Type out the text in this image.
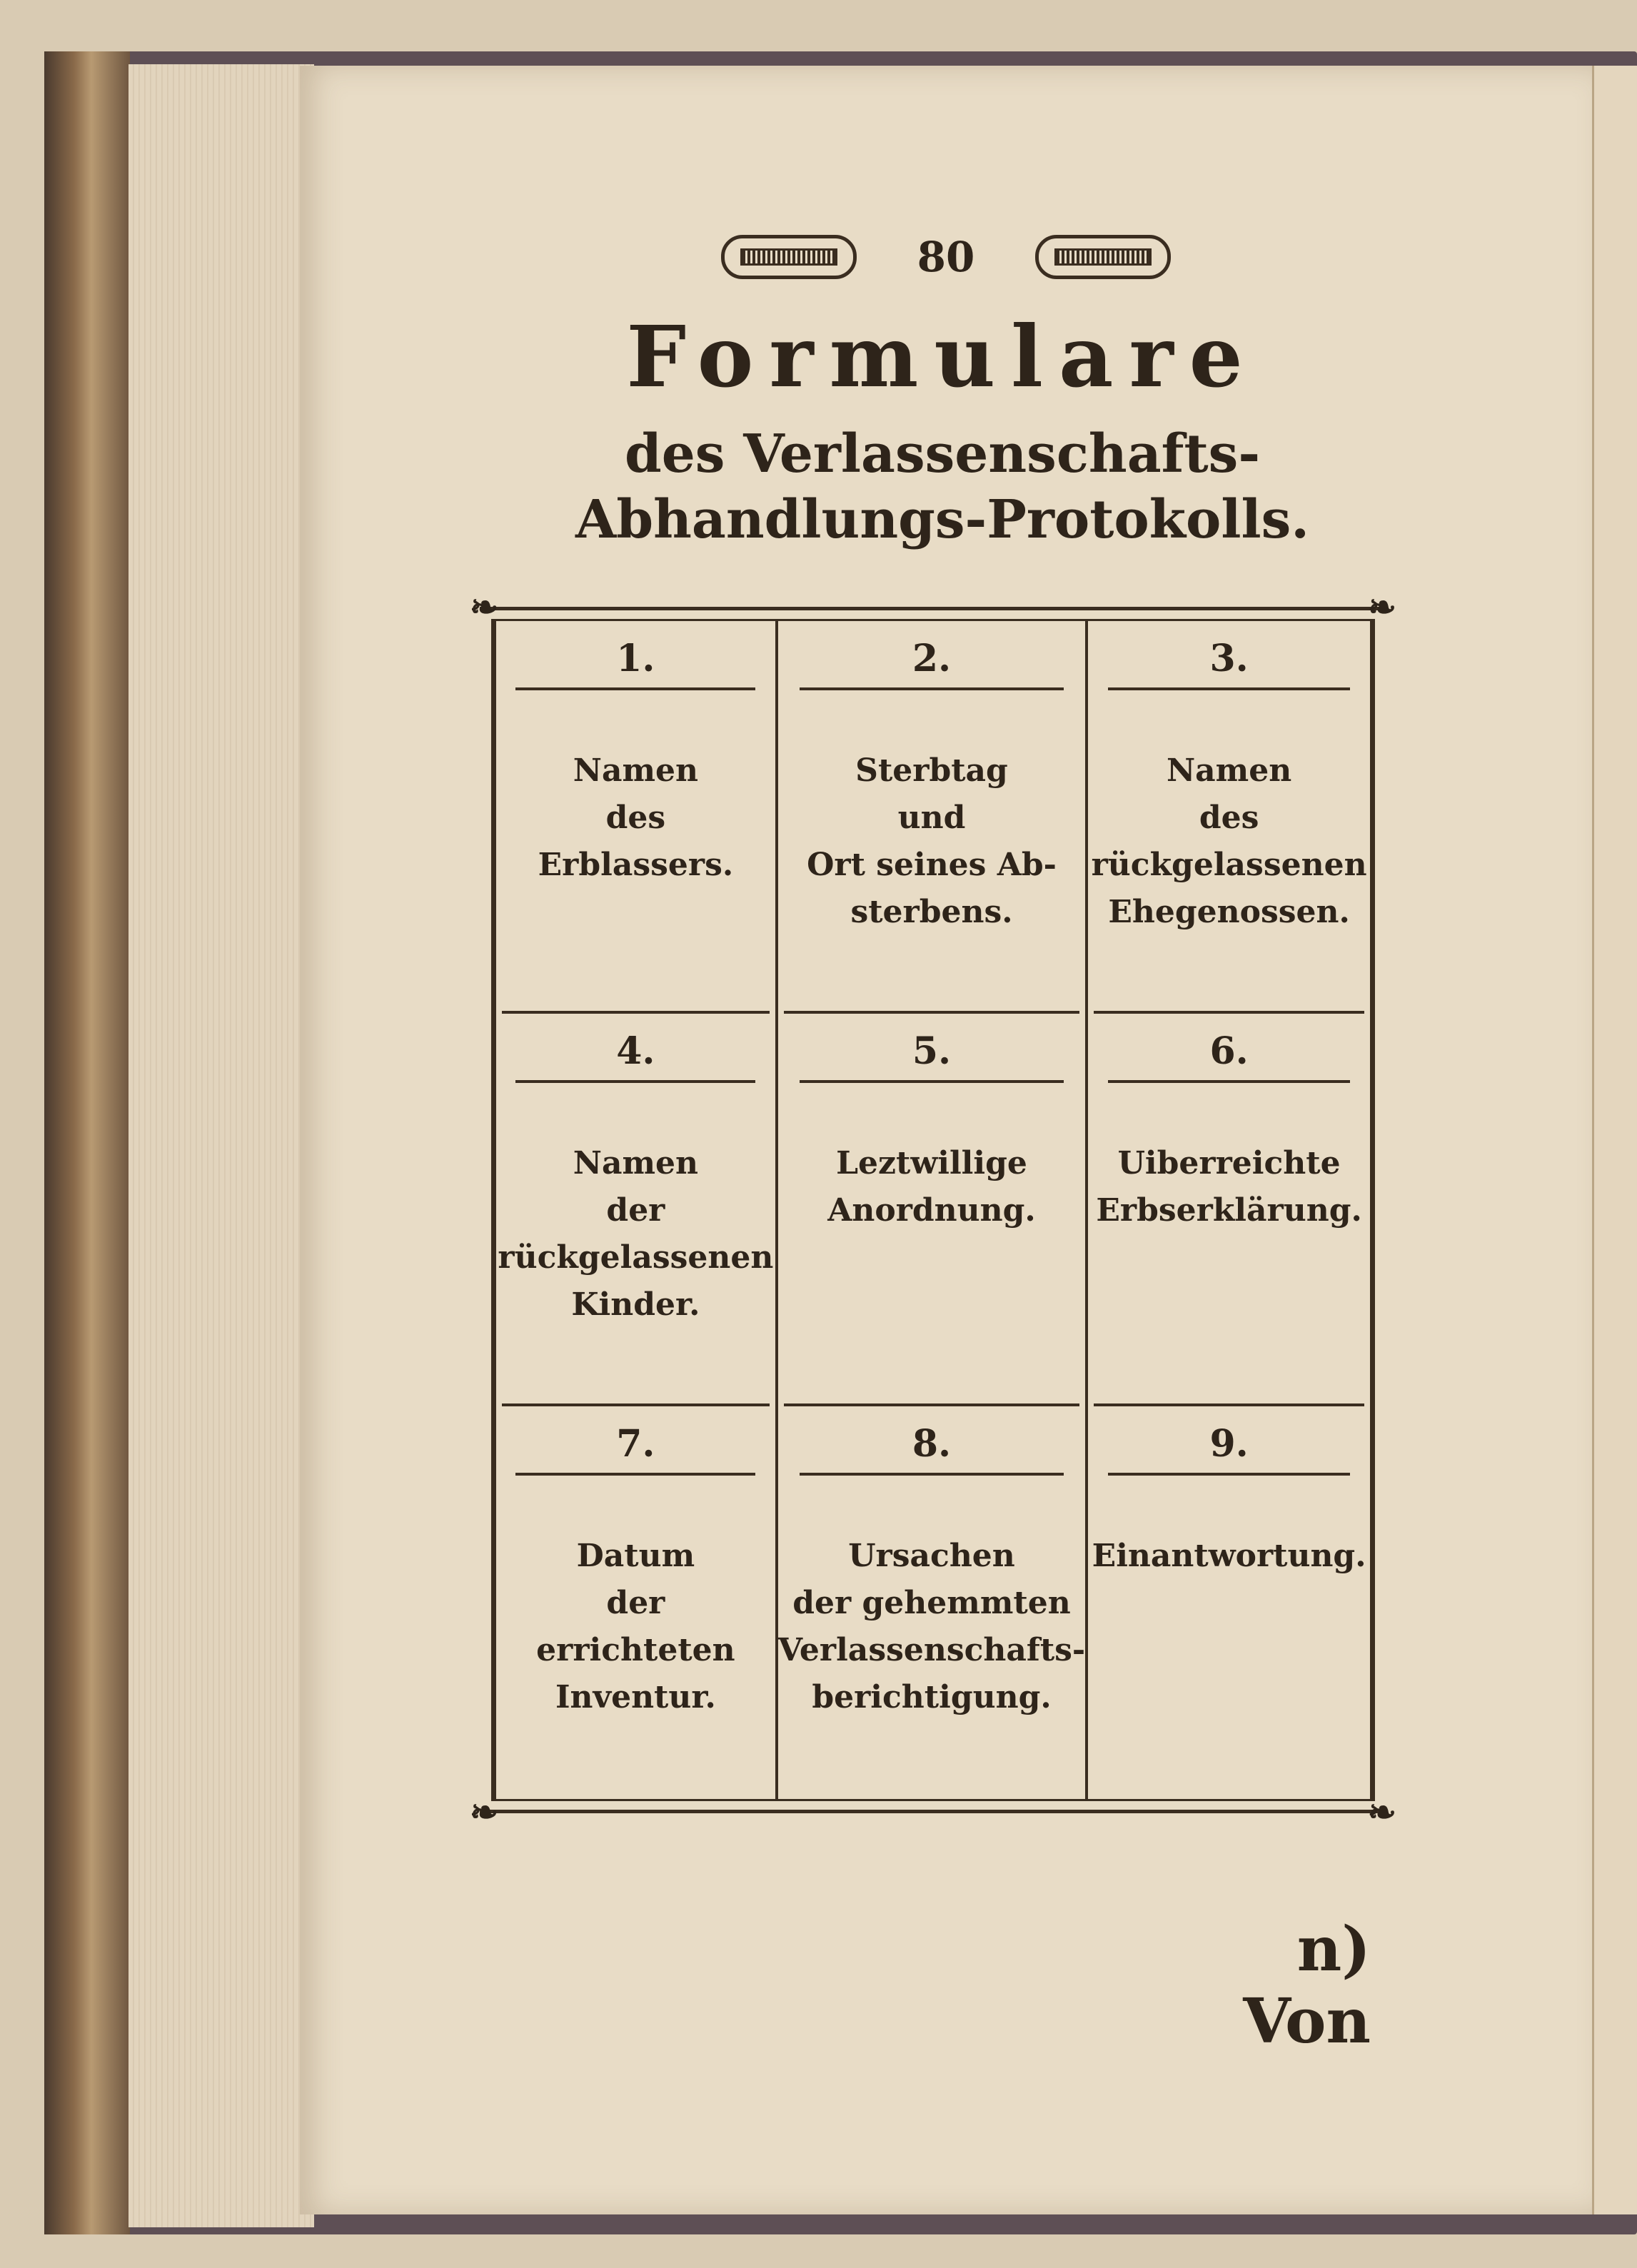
80
Formulare
des Verlassenschafts-Abhandlungs-Protokolls.
❧	❧
❧	❧
1.
Namen
des
Erblassers.
2.
Sterbtag
und
Ort seines Ab-
sterbens.
3.
Namen
des
rückgelassenen
Ehegenossen.
4.
Namen
der
rückgelassenen
Kinder.
5.
Leztwillige
Anordnung.
6.
Uiberreichte
Erbserklärung.
7.
Datum
der
errichteten
Inventur.
8.
Ursachen
der gehemmten
Verlassenschafts-
berichtigung.
9.
Einantwortung.
n) Von
